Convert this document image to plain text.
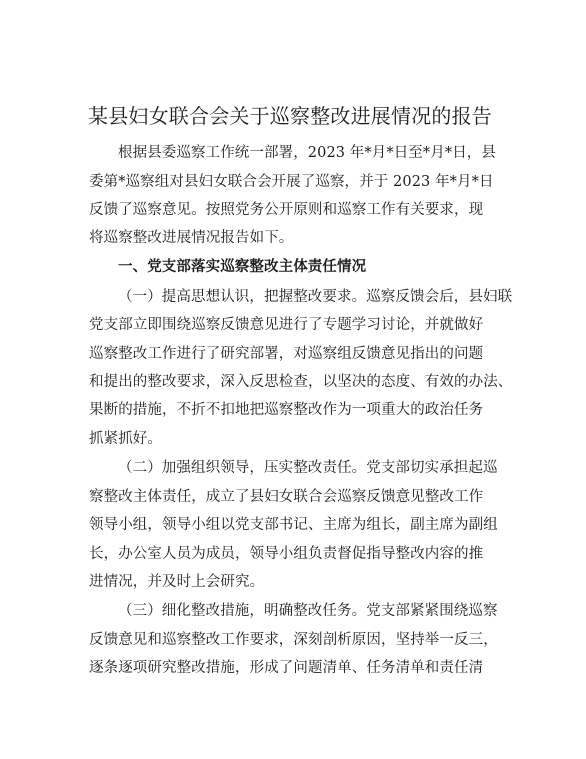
某县妇女联合会关于巡察整改进展情况的报告
根据县委巡察工作统一部署，2023 年*月*日至*月*日，县
委第*巡察组对县妇女联合会开展了巡察，并于 2023 年*月*日
反馈了巡察意见。按照党务公开原则和巡察工作有关要求，现
将巡察整改进展情况报告如下。
一、党支部落实巡察整改主体责任情况
（一）提高思想认识，把握整改要求。巡察反馈会后，县妇联
党支部立即围绕巡察反馈意见进行了专题学习讨论，并就做好
巡察整改工作进行了研究部署，对巡察组反馈意见指出的问题
和提出的整改要求，深入反思检查，以坚决的态度、有效的办法、
果断的措施，不折不扣地把巡察整改作为一项重大的政治任务
抓紧抓好。
（二）加强组织领导，压实整改责任。党支部切实承担起巡
察整改主体责任，成立了县妇女联合会巡察反馈意见整改工作
领导小组，领导小组以党支部书记、主席为组长，副主席为副组
长，办公室人员为成员，领导小组负责督促指导整改内容的推
进情况，并及时上会研究。
（三）细化整改措施，明确整改任务。党支部紧紧围绕巡察
反馈意见和巡察整改工作要求，深刻剖析原因，坚持举一反三，
逐条逐项研究整改措施，形成了问题清单、任务清单和责任清
